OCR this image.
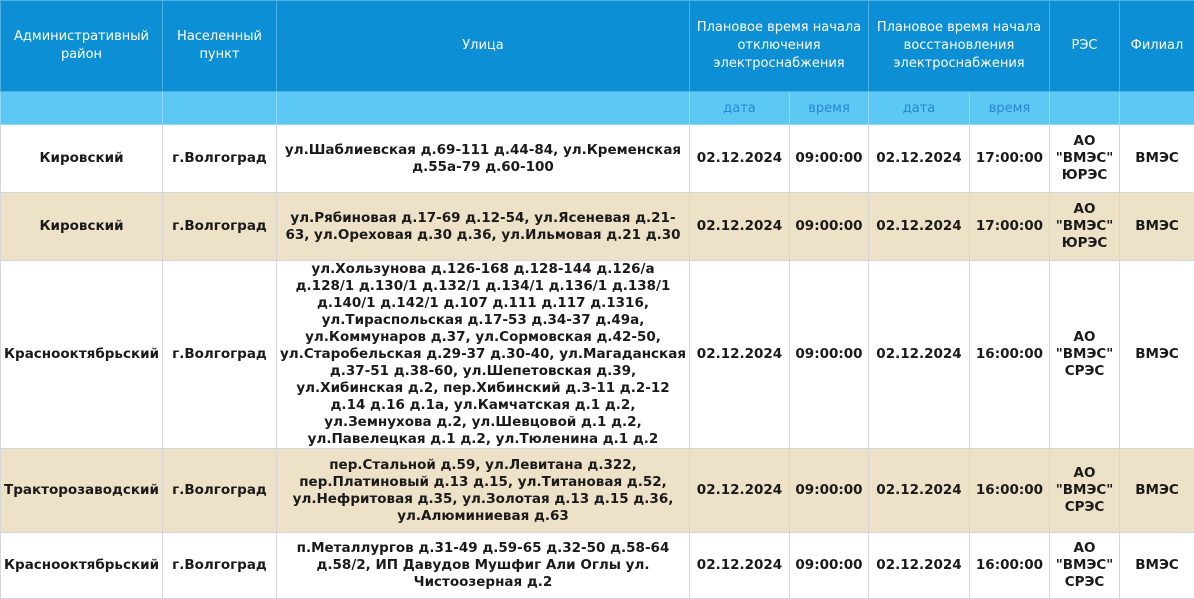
Административный район	Населенный пункт	Улица	Плановое время начала отключения электроснабжения		Плановое время начала восстановления электроснабжения		РЭС	Филиал
			дата	время	дата	время		
Кировский	г.Волгоград	ул.Шаблиевская д.69-111 д.44-84, ул.Кременская д.55а-79 д.60-100	02.12.2024	09:00:00	02.12.2024	17:00:00	АО "ВМЭС" ЮРЭС	ВМЭС
Кировский	г.Волгоград	ул.Рябиновая д.17-69 д.12-54, ул.Ясеневая д.21-63, ул.Ореховая д.30 д.36, ул.Ильмовая д.21 д.30	02.12.2024	09:00:00	02.12.2024	17:00:00	АО "ВМЭС" ЮРЭС	ВМЭС
Краснооктябрьский	г.Волгоград	ул.Хользунова д.126-168 д.128-144 д.126/а д.128/1 д.130/1 д.132/1 д.134/1 д.136/1 д.138/1 д.140/1 д.142/1 д.107 д.111 д.117 д.1316, ул.Тираспольская д.17-53 д.34-37 д.49а, ул.Коммунаров д.37, ул.Сормовская д.42-50, ул.Старобельская д.29-37 д.30-40, ул.Магаданская д.37-51 д.38-60, ул.Шепетовская д.39, ул.Хибинская д.2, пер.Хибинский д.3-11 д.2-12 д.14 д.16 д.1а, ул.Камчатская д.1 д.2, ул.Земнухова д.2, ул.Шевцовой д.1 д.2, ул.Павелецкая д.1 д.2, ул.Тюленина д.1 д.2	02.12.2024	09:00:00	02.12.2024	16:00:00	АО "ВМЭС" СРЭС	ВМЭС
Тракторозаводский	г.Волгоград	пер.Стальной д.59, ул.Левитана д.322, пер.Платиновый д.13 д.15, ул.Титановая д.52, ул.Нефритовая д.35, ул.Золотая д.13 д.15 д.36, ул.Алюминиевая д.63	02.12.2024	09:00:00	02.12.2024	16:00:00	АО "ВМЭС" СРЭС	ВМЭС
Краснооктябрьский	г.Волгоград	п.Металлургов д.31-49 д.59-65 д.32-50 д.58-64 д.58/2, ИП Давудов Мушфиг Али Оглы ул. Чистоозерная д.2	02.12.2024	09:00:00	02.12.2024	16:00:00	АО "ВМЭС" СРЭС	ВМЭС
